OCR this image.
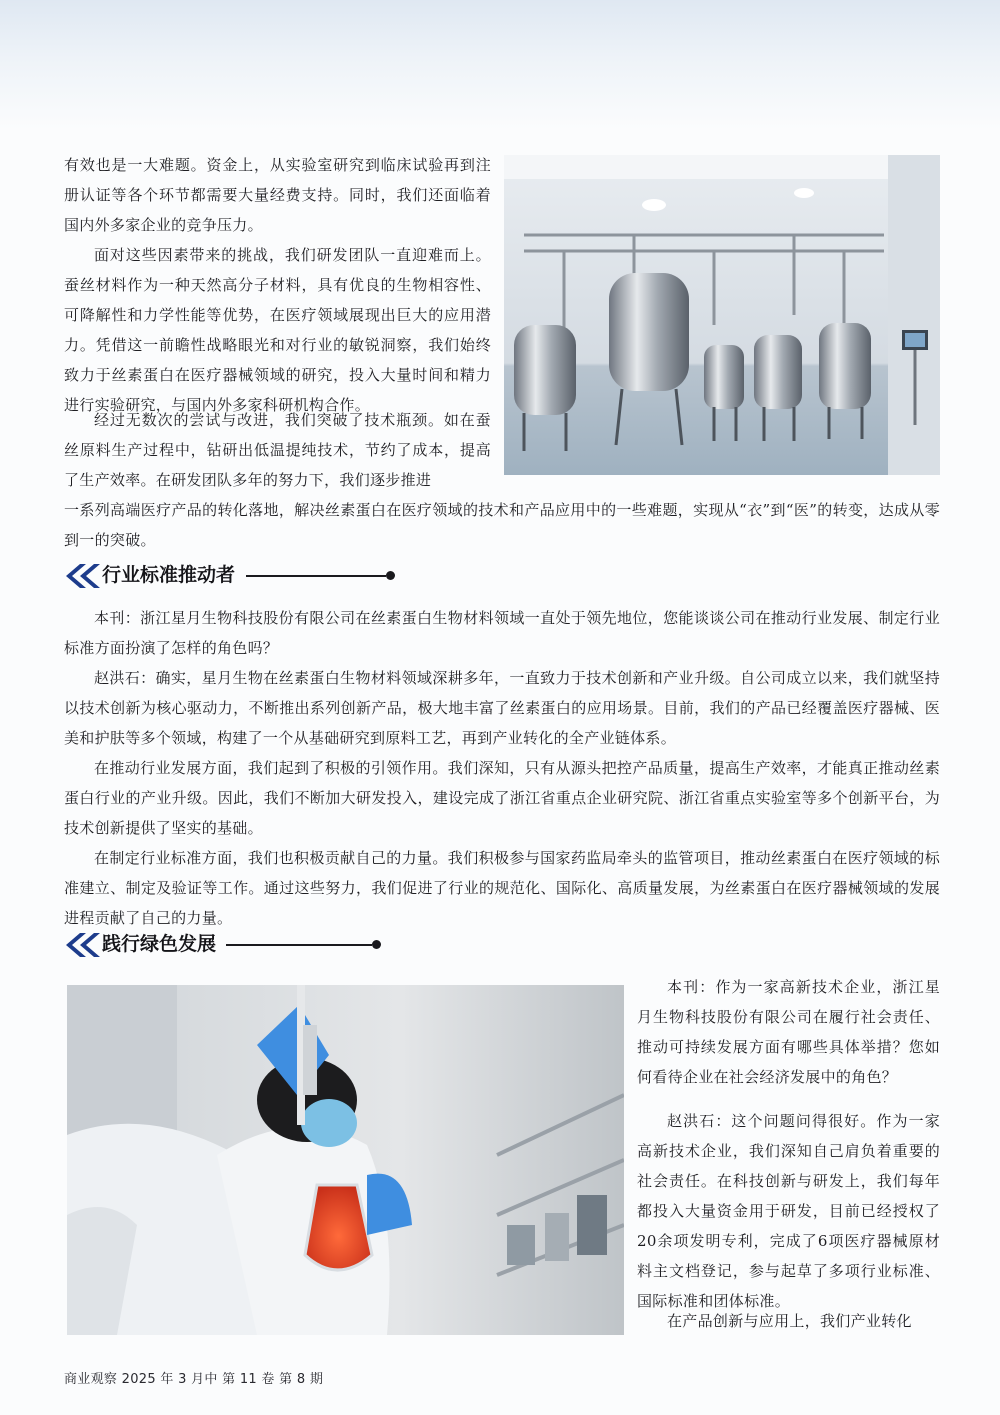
有效也是一大难题。资金上，从实验室研究到临床试验再到注册认证等各个环节都需要大量经费支持。同时，我们还面临着国内外多家企业的竞争压力。

面对这些因素带来的挑战，我们研发团队一直迎难而上。蚕丝材料作为一种天然高分子材料，具有优良的生物相容性、可降解性和力学性能等优势，在医疗领域展现出巨大的应用潜力。凭借这一前瞻性战略眼光和对行业的敏锐洞察，我们始终致力于丝素蛋白在医疗器械领域的研究，投入大量时间和精力进行实验研究，与国内外多家科研机构合作。

经过无数次的尝试与改进，我们突破了技术瓶颈。如在蚕丝原料生产过程中，钻研出低温提纯技术，节约了成本，提高了生产效率。在研发团队多年的努力下，我们逐步推进

一系列高端医疗产品的转化落地，解决丝素蛋白在医疗领域的技术和产品应用中的一些难题，实现从“衣”到“医”的转变，达成从零到一的突破。

行业标准推动者

本刊：浙江星月生物科技股份有限公司在丝素蛋白生物材料领域一直处于领先地位，您能谈谈公司在推动行业发展、制定行业标准方面扮演了怎样的角色吗？

赵洪石：确实，星月生物在丝素蛋白生物材料领域深耕多年，一直致力于技术创新和产业升级。自公司成立以来，我们就坚持以技术创新为核心驱动力，不断推出系列创新产品，极大地丰富了丝素蛋白的应用场景。目前，我们的产品已经覆盖医疗器械、医美和护肤等多个领域，构建了一个从基础研究到原料工艺，再到产业转化的全产业链体系。

在推动行业发展方面，我们起到了积极的引领作用。我们深知，只有从源头把控产品质量，提高生产效率，才能真正推动丝素蛋白行业的产业升级。因此，我们不断加大研发投入，建设完成了浙江省重点企业研究院、浙江省重点实验室等多个创新平台，为技术创新提供了坚实的基础。

在制定行业标准方面，我们也积极贡献自己的力量。我们积极参与国家药监局牵头的监管项目，推动丝素蛋白在医疗领域的标准建立、制定及验证等工作。通过这些努力，我们促进了行业的规范化、国际化、高质量发展，为丝素蛋白在医疗器械领域的发展进程贡献了自己的力量。

践行绿色发展

本刊：作为一家高新技术企业，浙江星月生物科技股份有限公司在履行社会责任、推动可持续发展方面有哪些具体举措？您如何看待企业在社会经济发展中的角色？

赵洪石：这个问题问得很好。作为一家高新技术企业，我们深知自己肩负着重要的社会责任。在科技创新与研发上，我们每年都投入大量资金用于研发，目前已经授权了20余项发明专利，完成了6项医疗器械原材料主文档登记，参与起草了多项行业标准、国际标准和团体标准。

在产品创新与应用上，我们产业转化

商业观察 2025 年 3 月中 第 11 卷 第 8 期
